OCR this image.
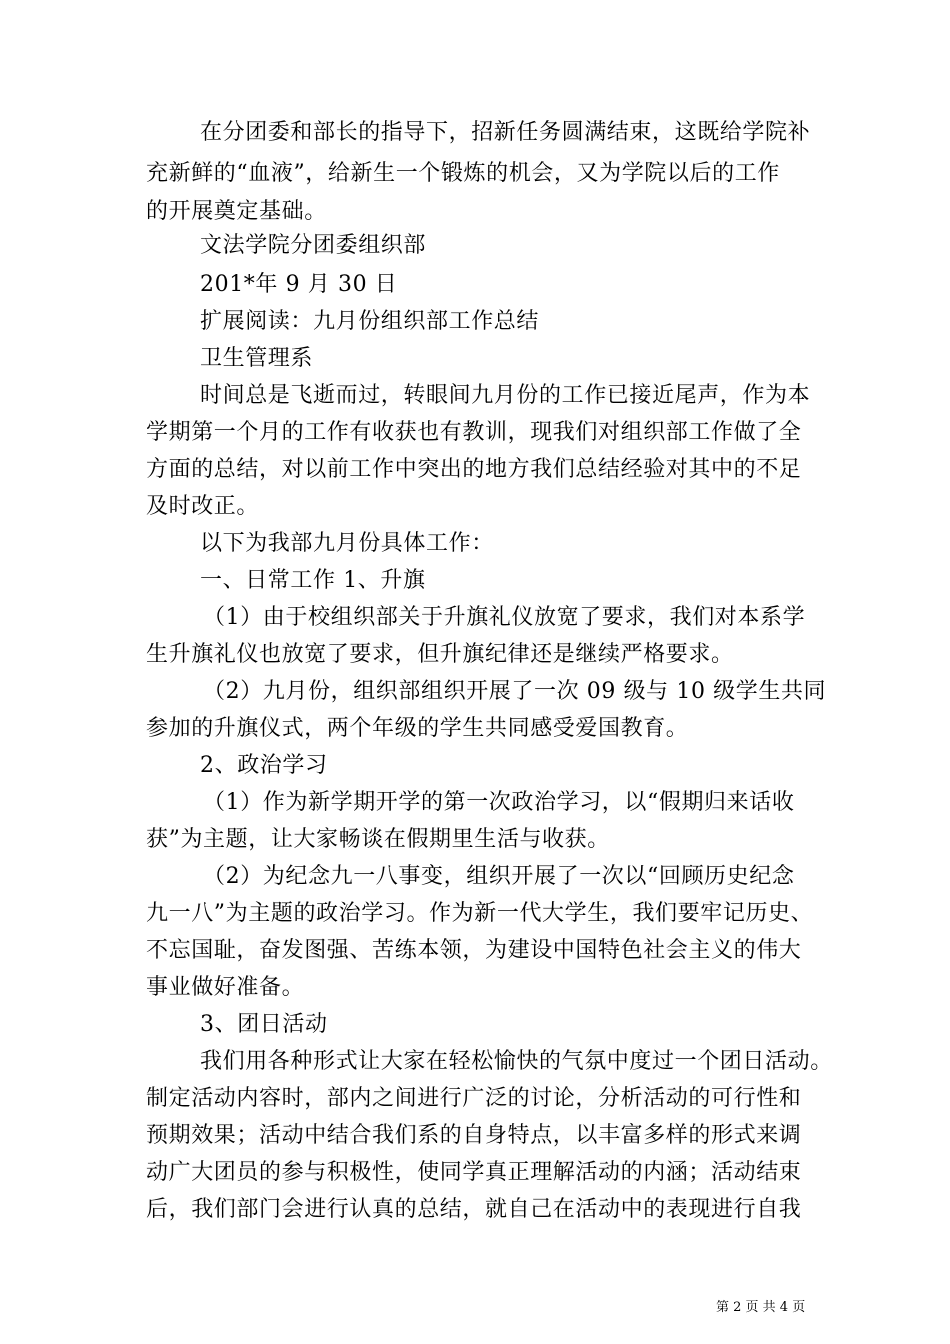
在分团委和部长的指导下，招新任务圆满结束，这既给学院补
充新鲜的“血液”，给新生一个锻炼的机会，又为学院以后的工作
的开展奠定基础。
文法学院分团委组织部
201*年 9 月 30 日
扩展阅读：九月份组织部工作总结
卫生管理系
时间总是飞逝而过，转眼间九月份的工作已接近尾声，作为本
学期第一个月的工作有收获也有教训，现我们对组织部工作做了全
方面的总结，对以前工作中突出的地方我们总结经验对其中的不足
及时改正。
以下为我部九月份具体工作：
一、日常工作 1、升旗
（1）由于校组织部关于升旗礼仪放宽了要求，我们对本系学
生升旗礼仪也放宽了要求，但升旗纪律还是继续严格要求。
（2）九月份，组织部组织开展了一次 09 级与 10 级学生共同
参加的升旗仪式，两个年级的学生共同感受爱国教育。
2、政治学习
（1）作为新学期开学的第一次政治学习，以“假期归来话收
获”为主题，让大家畅谈在假期里生活与收获。
（2）为纪念九一八事变，组织开展了一次以“回顾历史纪念
九一八”为主题的政治学习。作为新一代大学生，我们要牢记历史、
不忘国耻，奋发图强、苦练本领，为建设中国特色社会主义的伟大
事业做好准备。
3、团日活动
我们用各种形式让大家在轻松愉快的气氛中度过一个团日活动。
制定活动内容时，部内之间进行广泛的讨论，分析活动的可行性和
预期效果；活动中结合我们系的自身特点，以丰富多样的形式来调
动广大团员的参与积极性，使同学真正理解活动的内涵；活动结束
后，我们部门会进行认真的总结，就自己在活动中的表现进行自我
第 2 页 共 4 页
